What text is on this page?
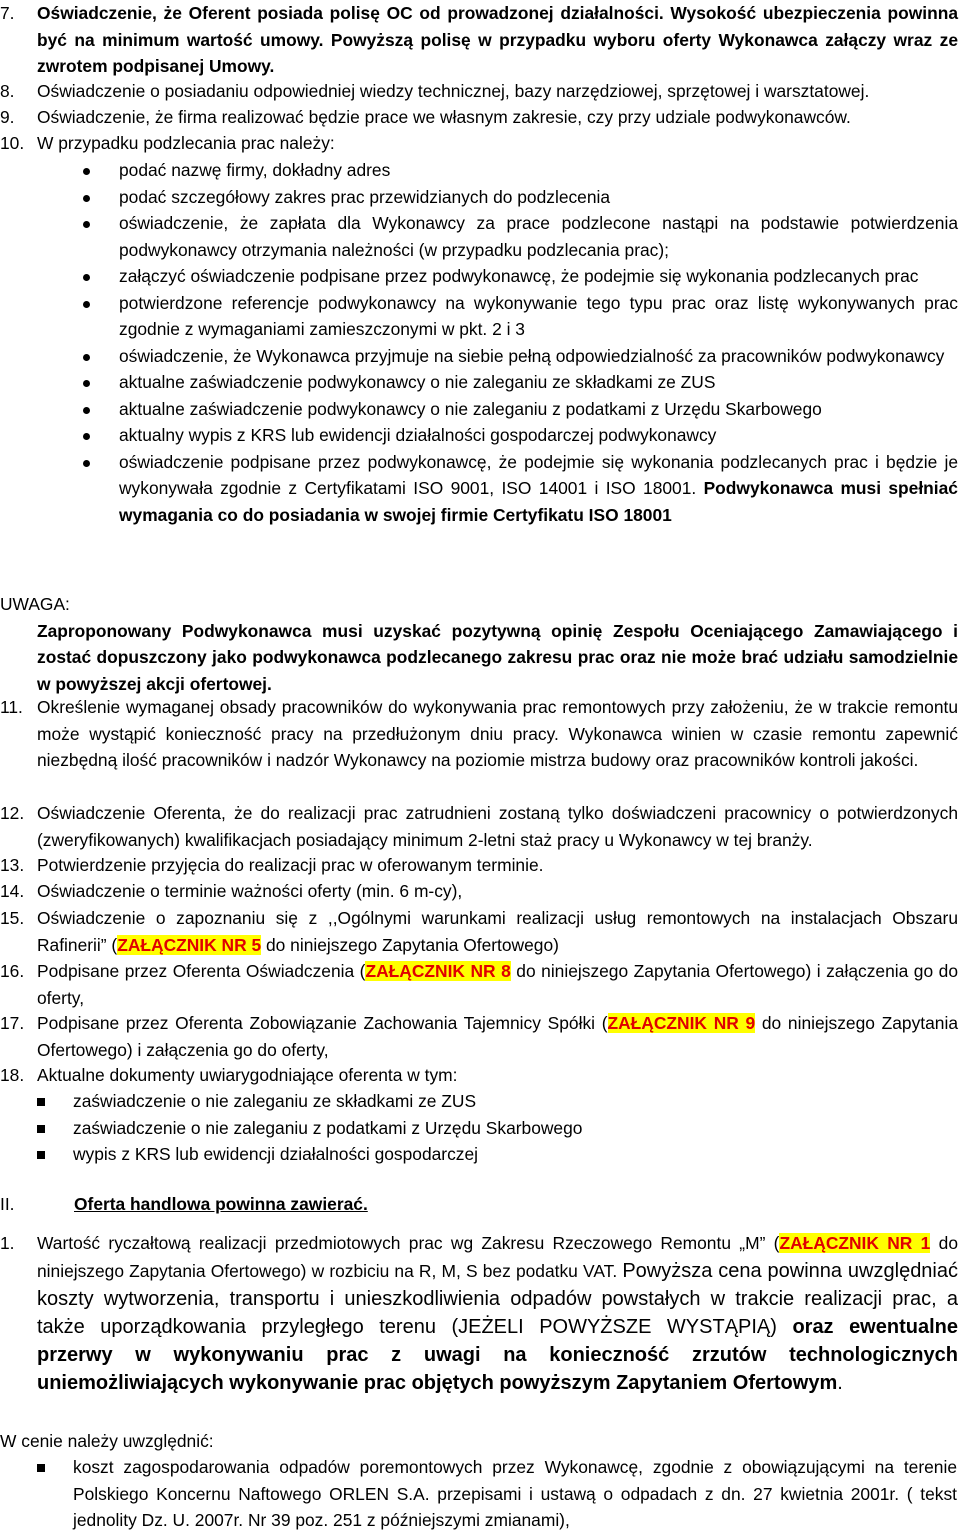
7. Oświadczenie, że Oferent posiada polisę OC od prowadzonej działalności. Wysokość ubezpieczenia powinna być na minimum wartość umowy. Powyższą polisę w przypadku wyboru oferty Wykonawca załączy wraz ze zwrotem podpisanej Umowy.
8. Oświadczenie o posiadaniu odpowiedniej wiedzy technicznej, bazy narzędziowej, sprzętowej i warsztatowej.
9. Oświadczenie, że firma realizować będzie prace we własnym zakresie, czy przy udziale podwykonawców.
10. W przypadku podzlecania prac należy:
podać nazwę firmy, dokładny adres
podać szczegółowy zakres prac przewidzianych do podzlecenia
oświadczenie, że zapłata dla Wykonawcy za prace podzlecone nastąpi na podstawie potwierdzenia podwykonawcy otrzymania należności (w przypadku podzlecania prac);
załączyć oświadczenie podpisane przez podwykonawcę, że podejmie się wykonania podzlecanych prac
potwierdzone referencje podwykonawcy na wykonywanie tego typu prac oraz listę wykonywanych prac zgodnie z wymaganiami zamieszczonymi w pkt. 2 i 3
oświadczenie, że Wykonawca przyjmuje na siebie pełną odpowiedzialność za pracowników podwykonawcy
aktualne zaświadczenie podwykonawcy o nie zaleganiu ze składkami ze ZUS
aktualne zaświadczenie podwykonawcy o nie zaleganiu z podatkami z Urzędu Skarbowego
aktualny wypis z KRS lub ewidencji działalności gospodarczej podwykonawcy
oświadczenie podpisane przez podwykonawcę, że podejmie się wykonania podzlecanych prac i będzie je wykonywała zgodnie z Certyfikatami ISO 9001, ISO 14001 i ISO 18001. Podwykonawca musi spełniać wymagania co do posiadania w swojej firmie Certyfikatu ISO 18001
UWAGA:
Zaproponowany Podwykonawca musi uzyskać pozytywną opinię Zespołu Oceniającego Zamawiającego i zostać dopuszczony jako podwykonawca podzlecanego zakresu prac oraz nie może brać udziału samodzielnie w powyższej akcji ofertowej.
11. Określenie wymaganej obsady pracowników do wykonywania prac remontowych przy założeniu, że w trakcie remontu może wystąpić konieczność pracy na przedłużonym dniu pracy. Wykonawca winien w czasie remontu zapewnić niezbędną ilość pracowników i nadzór Wykonawcy na poziomie mistrza budowy oraz pracowników kontroli jakości.
12. Oświadczenie Oferenta, że do realizacji prac zatrudnieni zostaną tylko doświadczeni pracownicy o potwierdzonych (zweryfikowanych) kwalifikacjach posiadający minimum 2-letni staż pracy u Wykonawcy w tej branży.
13. Potwierdzenie przyjęcia do realizacji prac w oferowanym terminie.
14. Oświadczenie o terminie ważności oferty (min. 6 m-cy),
15. Oświadczenie o zapoznaniu się z ,,Ogólnymi warunkami realizacji usług remontowych na instalacjach Obszaru Rafinerii” (ZAŁĄCZNIK NR 5 do niniejszego Zapytania Ofertowego)
16. Podpisane przez Oferenta Oświadczenia (ZAŁĄCZNIK NR 8 do niniejszego Zapytania Ofertowego) i załączenia go do oferty,
17. Podpisane przez Oferenta Zobowiązanie Zachowania Tajemnicy Spółki (ZAŁĄCZNIK NR 9 do niniejszego Zapytania Ofertowego) i załączenia go do oferty,
18. Aktualne dokumenty uwiarygodniające oferenta w tym:
zaświadczenie o nie zaleganiu ze składkami ze ZUS
zaświadczenie o nie zaleganiu z podatkami z Urzędu Skarbowego
wypis z KRS lub ewidencji działalności gospodarczej
II.	Oferta handlowa powinna zawierać.
1. Wartość ryczałtową realizacji przedmiotowych prac wg Zakresu Rzeczowego Remontu „M” (ZAŁĄCZNIK NR 1 do niniejszego Zapytania Ofertowego) w rozbiciu na R, M, S bez podatku VAT. Powyższa cena powinna uwzględniać koszty wytworzenia, transportu i unieszkodliwienia odpadów powstałych w trakcie realizacji prac, a także uporządkowania przyległego terenu (JEŻELI POWYŻSZE WYSTĄPIĄ) oraz ewentualne przerwy w wykonywaniu prac z uwagi na konieczność zrzutów technologicznych uniemożliwiających wykonywanie prac objętych powyższym Zapytaniem Ofertowym.
W cenie należy uwzględnić:
koszt zagospodarowania odpadów poremontowych przez Wykonawcę, zgodnie z obowiązującymi na terenie Polskiego Koncernu Naftowego ORLEN S.A. przepisami i ustawą o odpadach z dn. 27 kwietnia 2001r. ( tekst jednolity Dz. U. 2007r. Nr 39 poz. 251 z późniejszymi zmianami),
